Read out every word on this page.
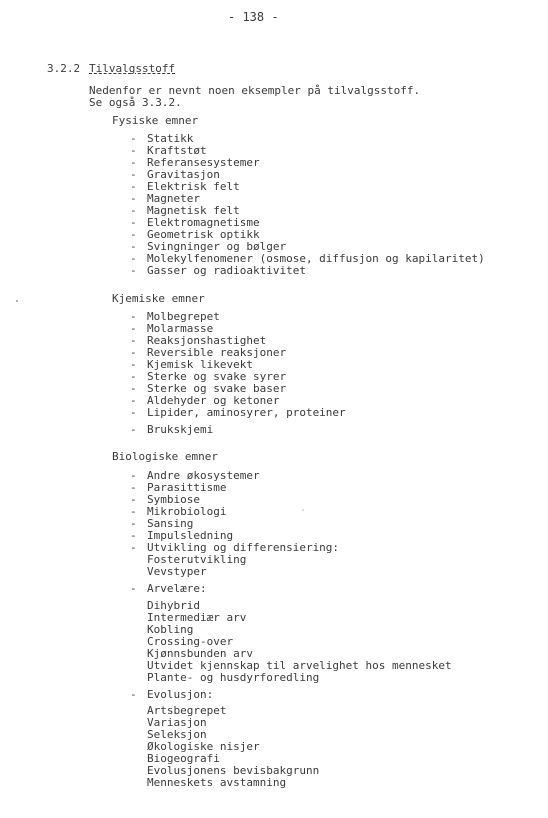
- 138 -
3.2.2 Tilvalgsstoff
Nedenfor er nevnt noen eksempler på tilvalgsstoff.
Se også 3.3.2.
Fysiske emner
- Statikk
- Kraftstøt
- Referansesystemer
- Gravitasjon
- Elektrisk felt
- Magneter
- Magnetisk felt
- Elektromagnetisme
- Geometrisk optikk
- Svingninger og bølger
- Molekylfenomener (osmose, diffusjon og kapilaritet)
- Gasser og radioaktivitet
Kjemiske emner
- Molbegrepet
- Molarmasse
- Reaksjonshastighet
- Reversible reaksjoner
- Kjemisk likevekt
- Sterke og svake syrer
- Sterke og svake baser
- Aldehyder og ketoner
- Lipider, aminosyrer, proteiner
- Brukskjemi
Biologiske emner
- Andre økosystemer
- Parasittisme
- Symbiose
- Mikrobiologi
- Sansing
- Impulsledning
- Utvikling og differensiering:
Fosterutvikling
Vevstyper
- Arvelære:
Dihybrid
Intermediær arv
Kobling
Crossing-over
Kjønnsbunden arv
Utvidet kjennskap til arvelighet hos mennesket
Plante- og husdyrforedling
- Evolusjon:
Artsbegrepet
Variasjon
Seleksjon
Økologiske nisjer
Biogeografi
Evolusjonens bevisbakgrunn
Menneskets avstamning
